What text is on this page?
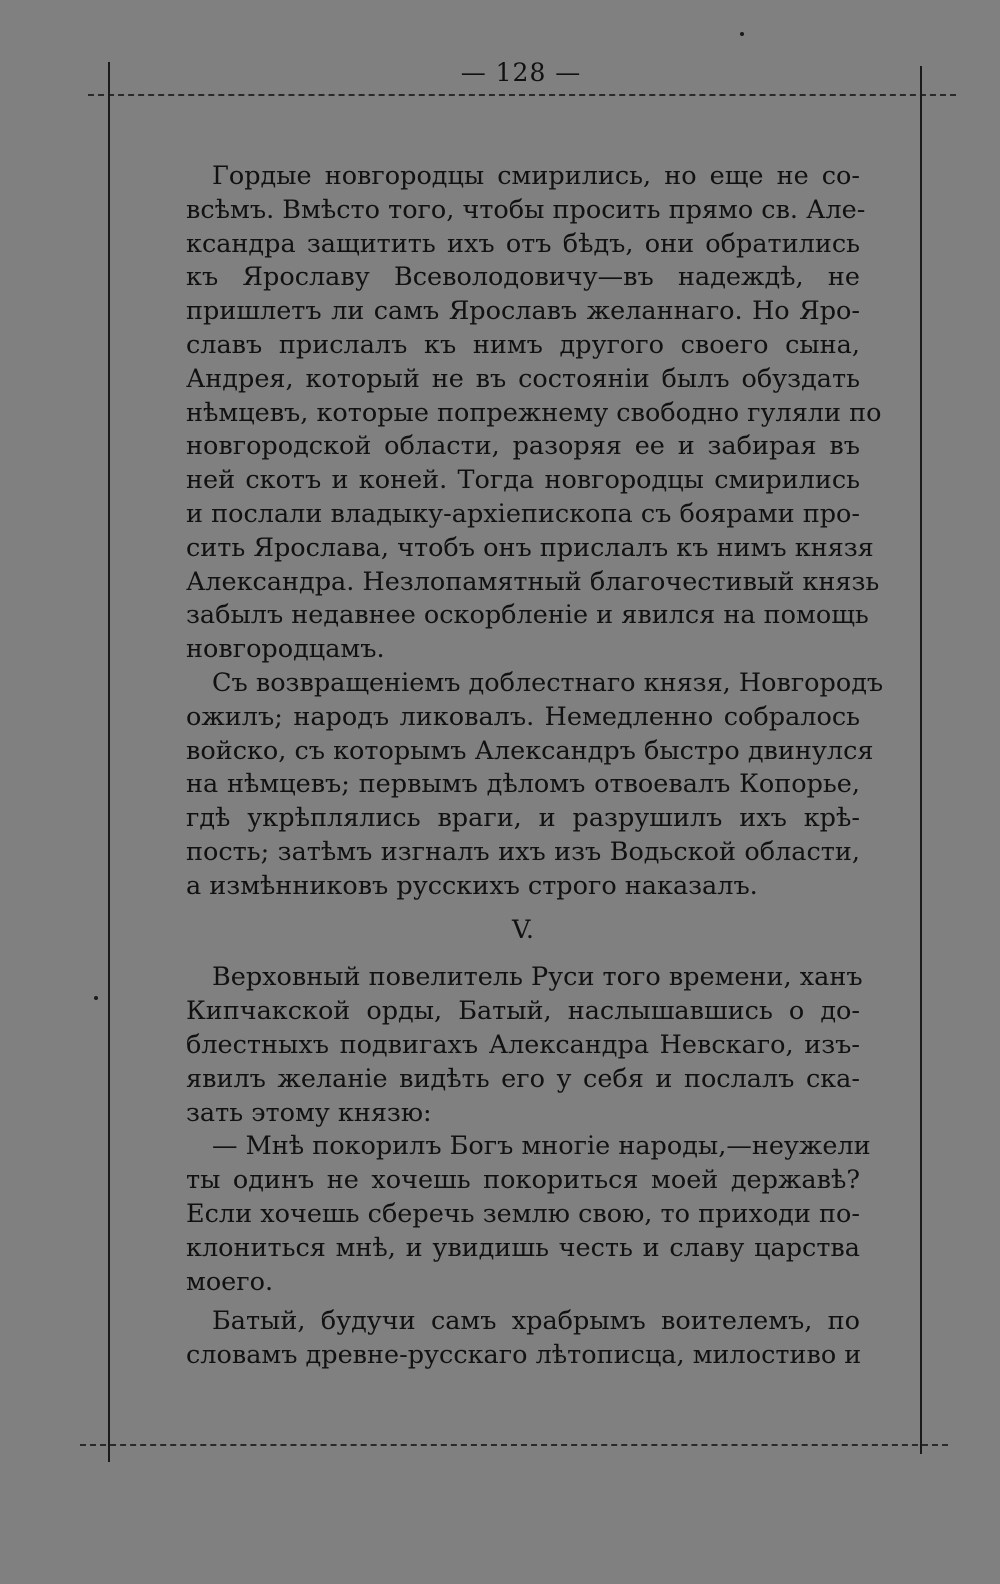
— 128 —
Гордые новгородцы смирились, но еще не со-
всѣмъ. Вмѣсто того, чтобы просить прямо св. Але-
ксандра защитить ихъ отъ бѣдъ, они обратились
къ Ярославу Всеволодовичу—въ надеждѣ, не
пришлетъ ли самъ Ярославъ желаннаго. Но Яро-
славъ прислалъ къ нимъ другого своего сына,
Андрея, который не въ состояніи былъ обуздать
нѣмцевъ, которые попрежнему свободно гуляли по
новгородской области, разоряя ее и забирая въ
ней скотъ и коней. Тогда новгородцы смирились
и послали владыку-архіепископа съ боярами про-
сить Ярослава, чтобъ онъ прислалъ къ нимъ князя
Александра. Незлопамятный благочестивый князь
забылъ недавнее оскорбленіе и явился на помощь
новгородцамъ.
Съ возвращеніемъ доблестнаго князя, Новгородъ
ожилъ; народъ ликовалъ. Немедленно собралось
войско, съ которымъ Александръ быстро двинулся
на нѣмцевъ; первымъ дѣломъ отвоевалъ Копорье,
гдѣ укрѣплялись враги, и разрушилъ ихъ крѣ-
пость; затѣмъ изгналъ ихъ изъ Водьской области,
а измѣнниковъ русскихъ строго наказалъ.
V.
Верховный повелитель Руси того времени, ханъ
Кипчакской орды, Батый, наслышавшись о до-
блестныхъ подвигахъ Александра Невскаго, изъ-
явилъ желаніе видѣть его у себя и послалъ ска-
зать этому князю:
— Мнѣ покорилъ Богъ многіе народы,—неужели
ты одинъ не хочешь покориться моей державѣ?
Если хочешь сберечь землю свою, то приходи по-
клониться мнѣ, и увидишь честь и славу царства
моего.
Батый, будучи самъ храбрымъ воителемъ, по
словамъ древне-русскаго лѣтописца, милостиво и
